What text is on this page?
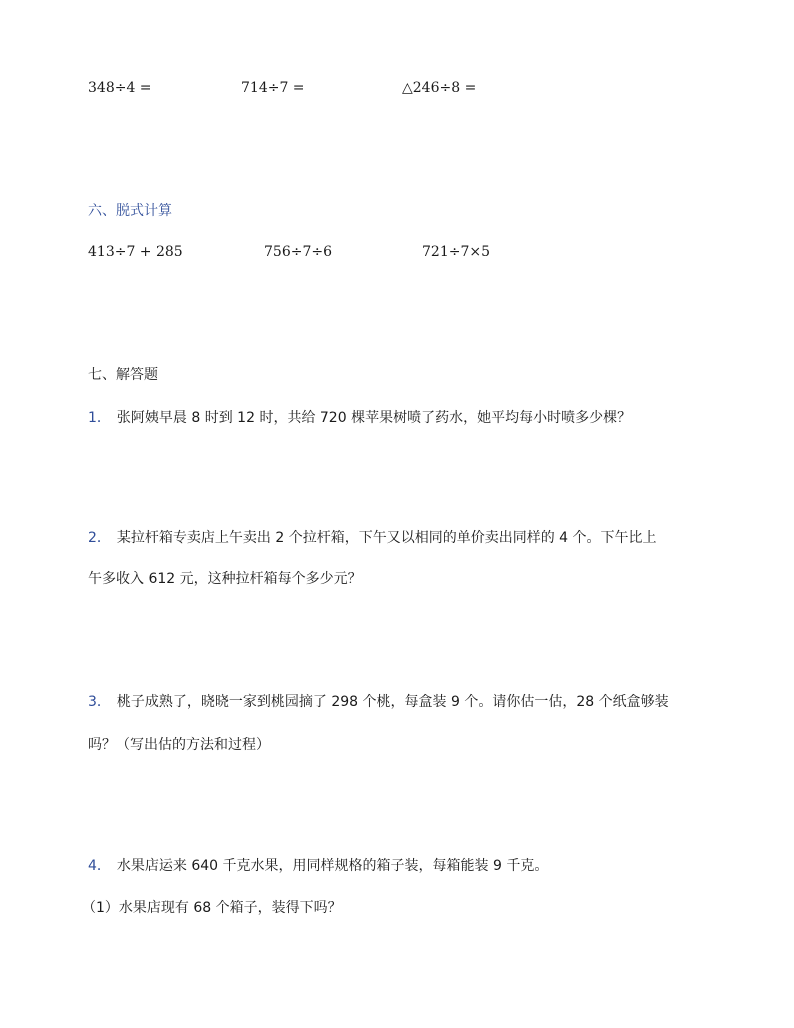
348÷4 =	714÷7 =	△246÷8 =
六、脱式计算
413÷7 + 285	756÷7÷6	721÷7×5
七、解答题
1． 张阿姨早晨 8 时到 12 时，共给 720 棵苹果树喷了药水，她平均每小时喷多少棵？
2． 某拉杆箱专卖店上午卖出 2 个拉杆箱，下午又以相同的单价卖出同样的 4 个。下午比上
午多收入 612 元，这种拉杆箱每个多少元？
3． 桃子成熟了，晓晓一家到桃园摘了 298 个桃，每盒装 9 个。请你估一估，28 个纸盒够装
吗？（写出估的方法和过程）
4． 水果店运来 640 千克水果，用同样规格的箱子装，每箱能装 9 千克。
（1）水果店现有 68 个箱子，装得下吗？
